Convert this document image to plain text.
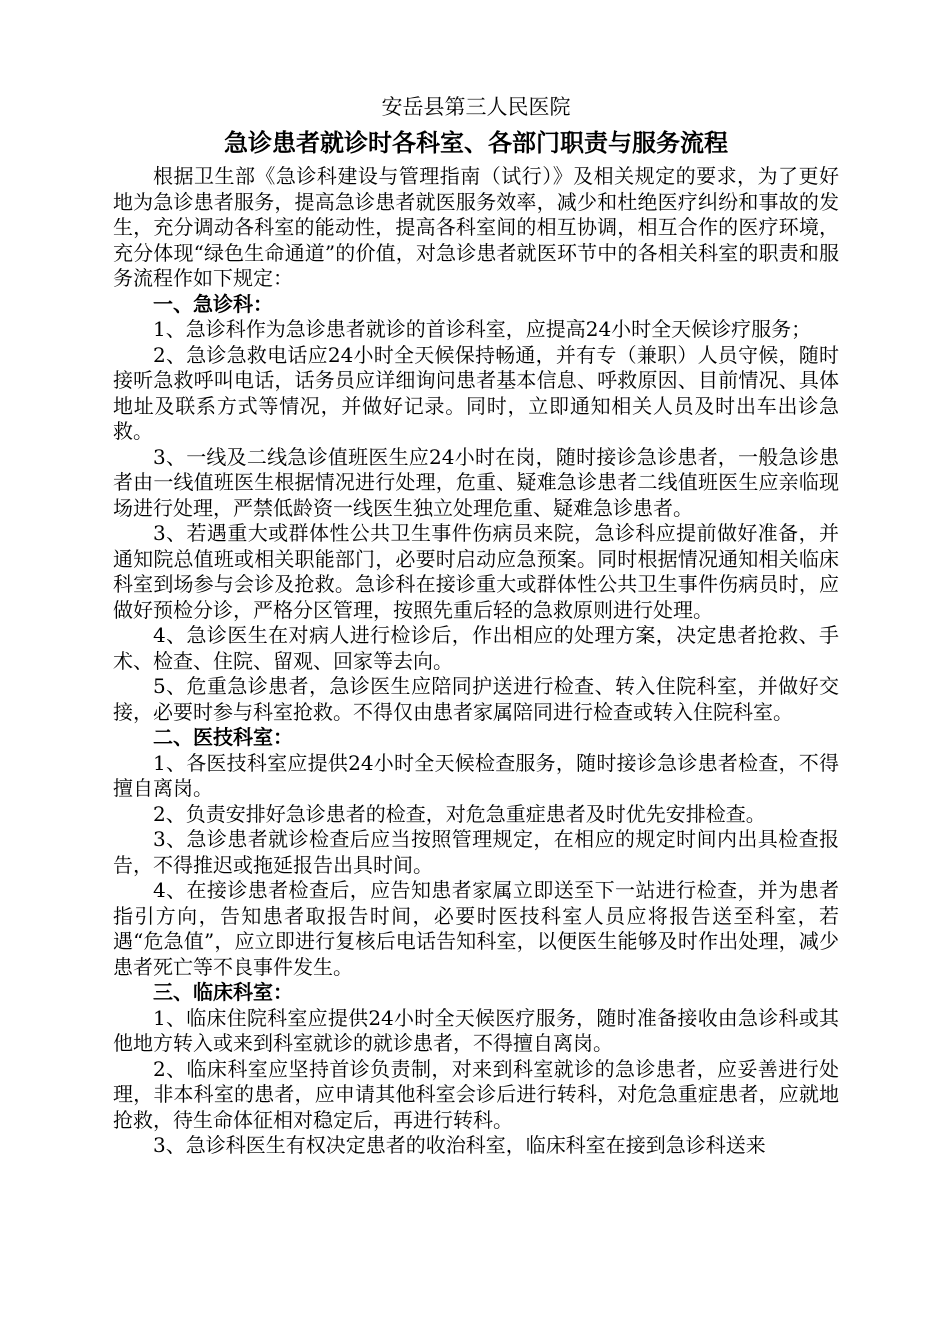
安岳县第三人民医院
急诊患者就诊时各科室、各部门职责与服务流程

根据卫生部《急诊科建设与管理指南（试行）》及相关规定的要求，为了更好地为急诊患者服务，提高急诊患者就医服务效率，减少和杜绝医疗纠纷和事故的发生，充分调动各科室的能动性，提高各科室间的相互协调，相互合作的医疗环境，充分体现“绿色生命通道”的价值，对急诊患者就医环节中的各相关科室的职责和服务流程作如下规定：

一、急诊科：

1、急诊科作为急诊患者就诊的首诊科室，应提高24小时全天候诊疗服务；

2、急诊急救电话应24小时全天候保持畅通，并有专（兼职）人员守候，随时接听急救呼叫电话，话务员应详细询问患者基本信息、呼救原因、目前情况、具体地址及联系方式等情况，并做好记录。同时，立即通知相关人员及时出车出诊急救。

3、一线及二线急诊值班医生应24小时在岗，随时接诊急诊患者，一般急诊患者由一线值班医生根据情况进行处理，危重、疑难急诊患者二线值班医生应亲临现场进行处理，严禁低龄资一线医生独立处理危重、疑难急诊患者。

3、若遇重大或群体性公共卫生事件伤病员来院，急诊科应提前做好准备，并通知院总值班或相关职能部门，必要时启动应急预案。同时根据情况通知相关临床科室到场参与会诊及抢救。急诊科在接诊重大或群体性公共卫生事件伤病员时，应做好预检分诊，严格分区管理，按照先重后轻的急救原则进行处理。

4、急诊医生在对病人进行检诊后，作出相应的处理方案，决定患者抢救、手术、检查、住院、留观、回家等去向。

5、危重急诊患者，急诊医生应陪同护送进行检查、转入住院科室，并做好交接，必要时参与科室抢救。不得仅由患者家属陪同进行检查或转入住院科室。

二、医技科室：

1、各医技科室应提供24小时全天候检查服务，随时接诊急诊患者检查，不得擅自离岗。

2、负责安排好急诊患者的检查，对危急重症患者及时优先安排检查。

3、急诊患者就诊检查后应当按照管理规定，在相应的规定时间内出具检查报告，不得推迟或拖延报告出具时间。

4、在接诊患者检查后，应告知患者家属立即送至下一站进行检查，并为患者指引方向，告知患者取报告时间，必要时医技科室人员应将报告送至科室，若遇“危急值”，应立即进行复核后电话告知科室，以便医生能够及时作出处理，减少患者死亡等不良事件发生。

三、临床科室：

1、临床住院科室应提供24小时全天候医疗服务，随时准备接收由急诊科或其他地方转入或来到科室就诊的就诊患者，不得擅自离岗。

2、临床科室应坚持首诊负责制，对来到科室就诊的急诊患者，应妥善进行处理，非本科室的患者，应申请其他科室会诊后进行转科，对危急重症患者，应就地抢救，待生命体征相对稳定后，再进行转科。

3、急诊科医生有权决定患者的收治科室，临床科室在接到急诊科送来
